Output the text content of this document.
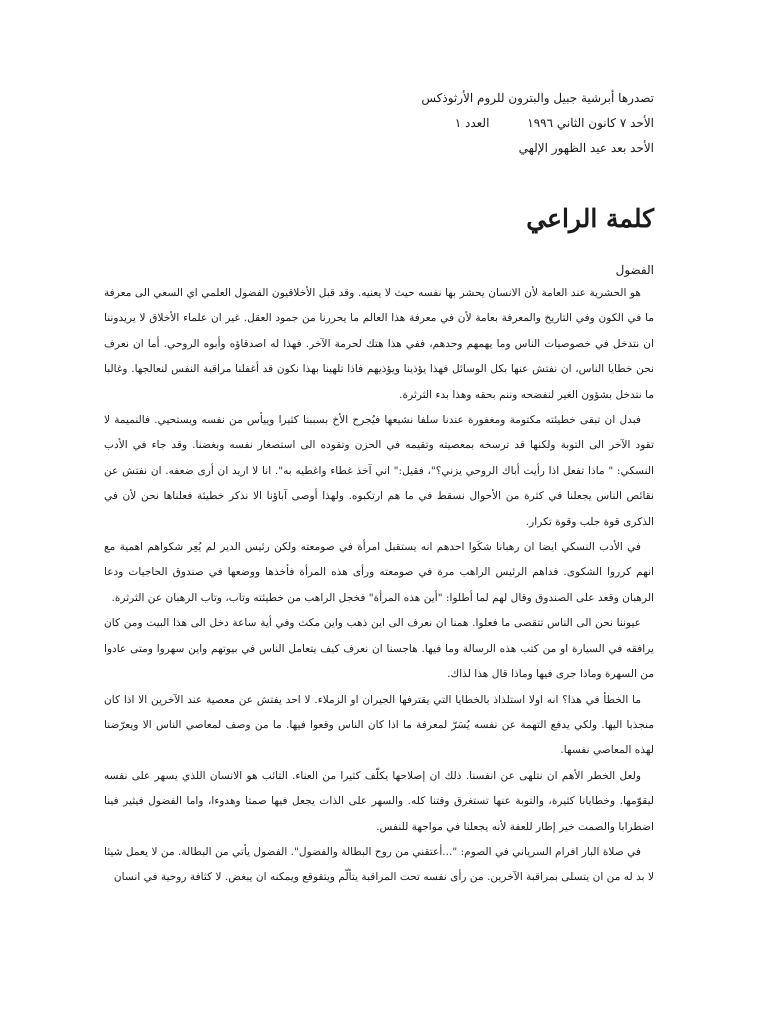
تصدرها أبرشية جبيل والبترون للروم الأرثوذكس
الأحد ٧ كانون الثاني ١٩٩٦ العدد ١
الأحد بعد عيد الظهور الإلهي
كلمة الراعي
الفضول

هو الحشرية عند العامة لأن الانسان يحشر بها نفسه حيث لا يعنيه. وقد قبل الأخلاقيون الفضول العلمي اي السعي الى معرفة ما في الكون وفي التاريخ والمعرفة بعامة لأن في معرفة هذا العالم ما يحررنا من جمود العقل. غير ان علماء الأخلاق لا يريدوننا ان نتدخل في خصوصيات الناس وما يهمهم وحدهم، ففي هذا هتك لحرمة الآخر. فهذا له اصدقاؤه وأبوه الروحي. أما ان نعرف نحن خطايا الناس، ان نفتش عنها بكل الوسائل فهذا يؤذينا ويؤذيهم فاذا تلهينا بهذا نكون قد أغفلنا مراقبة النفس لنعالجها. وغالبا ما نتدخل بشؤون الغير لنفضحه وننم بحقه وهذا بدء الثرثرة.

فبدل ان تبقى خطيئته مكتومة ومغفورة عندنا سلفا نشيعها فيُجرح الأخ بسببنا كثيرا وييأس من نفسه ويستحيي. فالنميمة لا تقود الآخر الى التوبة ولكنها قد ترسخه بمعصيته وتقيمه في الحزن وتقوده الى استصغار نفسه وبغضنا. وقد جاء في الأدب النسكي: " ماذا تفعل اذا رأيت أباك الروحي يزني؟"، فقيل:" اني آخذ غطاء واغطيه به". انا لا اريد ان أرى ضعفه. ان نفتش عن نقائص الناس يجعلنا في كثرة من الأحوال نسقط في ما هم ارتكبوه. ولهذا أوصى آباؤنا الا نذكر خطيئة فعلناها نحن لأن في الذكرى قوة جلب وقوة تكرار.

في الأدب النسكي ايضا ان رهبانا شكَوا احدهم انه يستقبل امرأة في صومعته ولكن رئيس الدير لم يُعِر شكواهم اهمية مع انهم كرروا الشكوى. فداهم الرئيس الراهب مرة في صومعته ورأى هذه المرأة فأخذها ووضعها في صندوق الحاجيات ودعا الرهبان وقعد على الصندوق وقال لهم لما أطلوا: "أين هذه المرأة" فخجل الراهب من خطيئته وتاب، وتاب الرهبان عن الثرثرة.

عيوننا نحن الى الناس تتقصى ما فعلوا. همنا ان نعرف الى اين ذهب واين مكث وفي أية ساعة دخل الى هذا البيت ومن كان يرافقه في السيارة او من كتب هذه الرسالة وما فيها. هاجسنا ان نعرف كيف يتعامل الناس في بيوتهم واين سهروا ومتى عادوا من السهرة وماذا جرى فيها وماذا قال هذا لذاك.

ما الخطأ في هذا؟ انه اولا استلذاذ بالخطايا التي يقترفها الجيران او الزملاء. لا احد يفتش عن معصية عند الآخرين الا اذا كان منجذبا اليها. ولكي يدفع التهمة عن نفسه يُسَرّ لمعرفة ما اذا كان الناس وقعوا فيها. ما من وصف لمعاصي الناس الا ويعرّضنا لهذه المعاصي نفسها.

ولعل الخطر الأهم ان نتلهى عن انفسنا. ذلك ان إصلاحها يكلّف كثيرا من العناء. التائب هو الانسان اللذي يسهر على نفسه ليقوّمها. وخطايانا كثيرة، والتوبة عنها تستغرق وقتنا كله. والسهر على الذات يجعل فيها صمتا وهدوءا، واما الفضول فيثير فينا اضطرابا والصمت خير إطار للعفة لأنه يجعلنا في مواجهة للنفس.

في صلاة البار افرام السرياني في الصوم: "...أعتقني من روح البطالة والفضول". الفضول يأتي من البطالة. من لا يعمل شيئا لا بد له من ان يتسلى بمراقبة الآخرين. من رأى نفسه تحت المراقبة يتألّم ويتقوقع ويمكنه ان يبغض. لا كثافة روحية في انسان
